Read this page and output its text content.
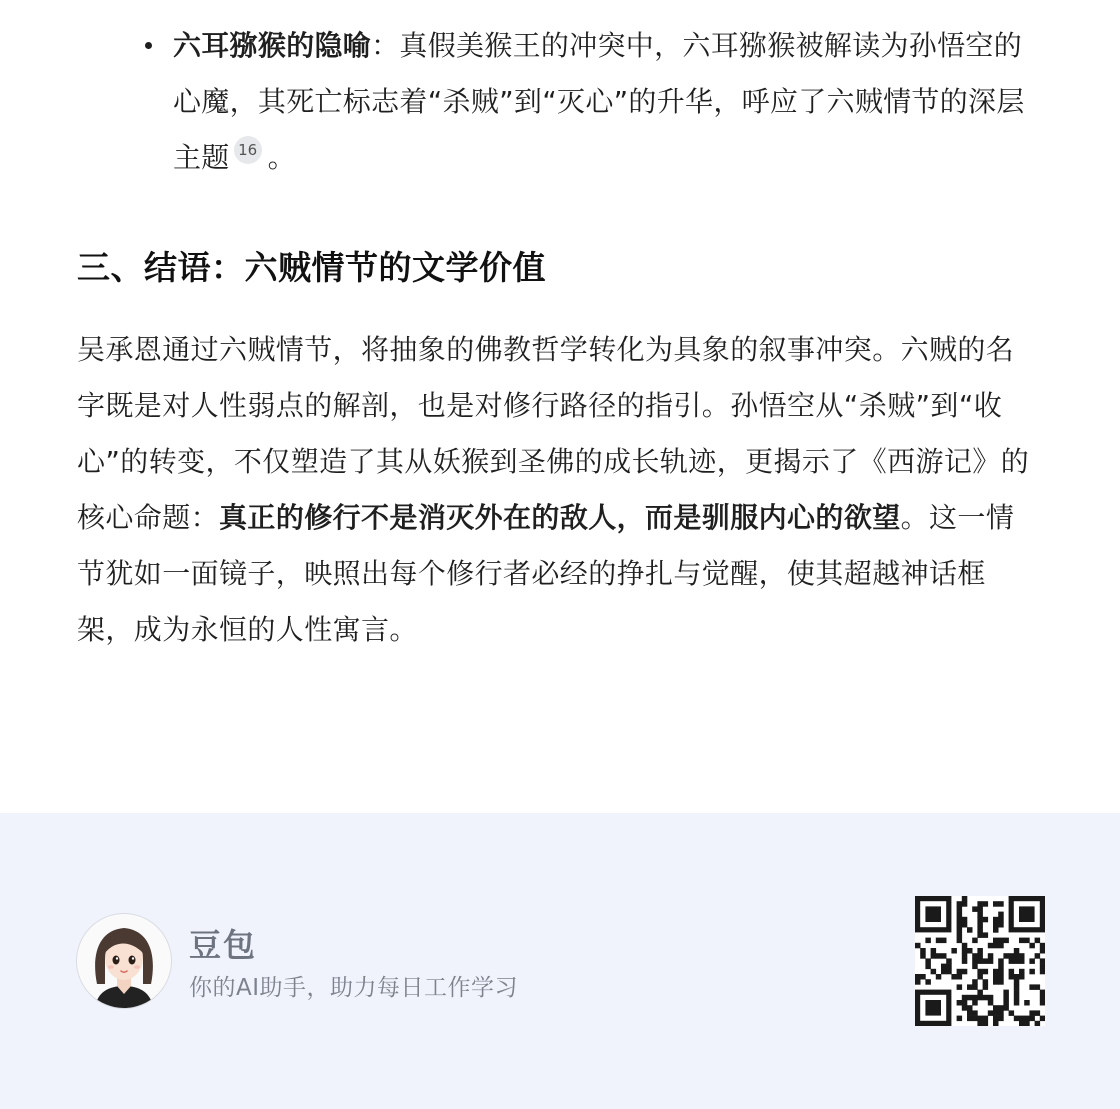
六耳猕猴的隐喻：真假美猴王的冲突中，六耳猕猴被解读为孙悟空的心魔，其死亡标志着“杀贼”到“灭心”的升华，呼应了六贼情节的深层主题 16 。
三、结语：六贼情节的文学价值

吴承恩通过六贼情节，将抽象的佛教哲学转化为具象的叙事冲突。六贼的名字既是对人性弱点的解剖，也是对修行路径的指引。孙悟空从“杀贼”到“收心”的转变，不仅塑造了其从妖猴到圣佛的成长轨迹，更揭示了《西游记》的核心命题：真正的修行不是消灭外在的敌人，而是驯服内心的欲望。这一情节犹如一面镜子，映照出每个修行者必经的挣扎与觉醒，使其超越神话框架，成为永恒的人性寓言。

豆包
你的AI助手，助力每日工作学习
